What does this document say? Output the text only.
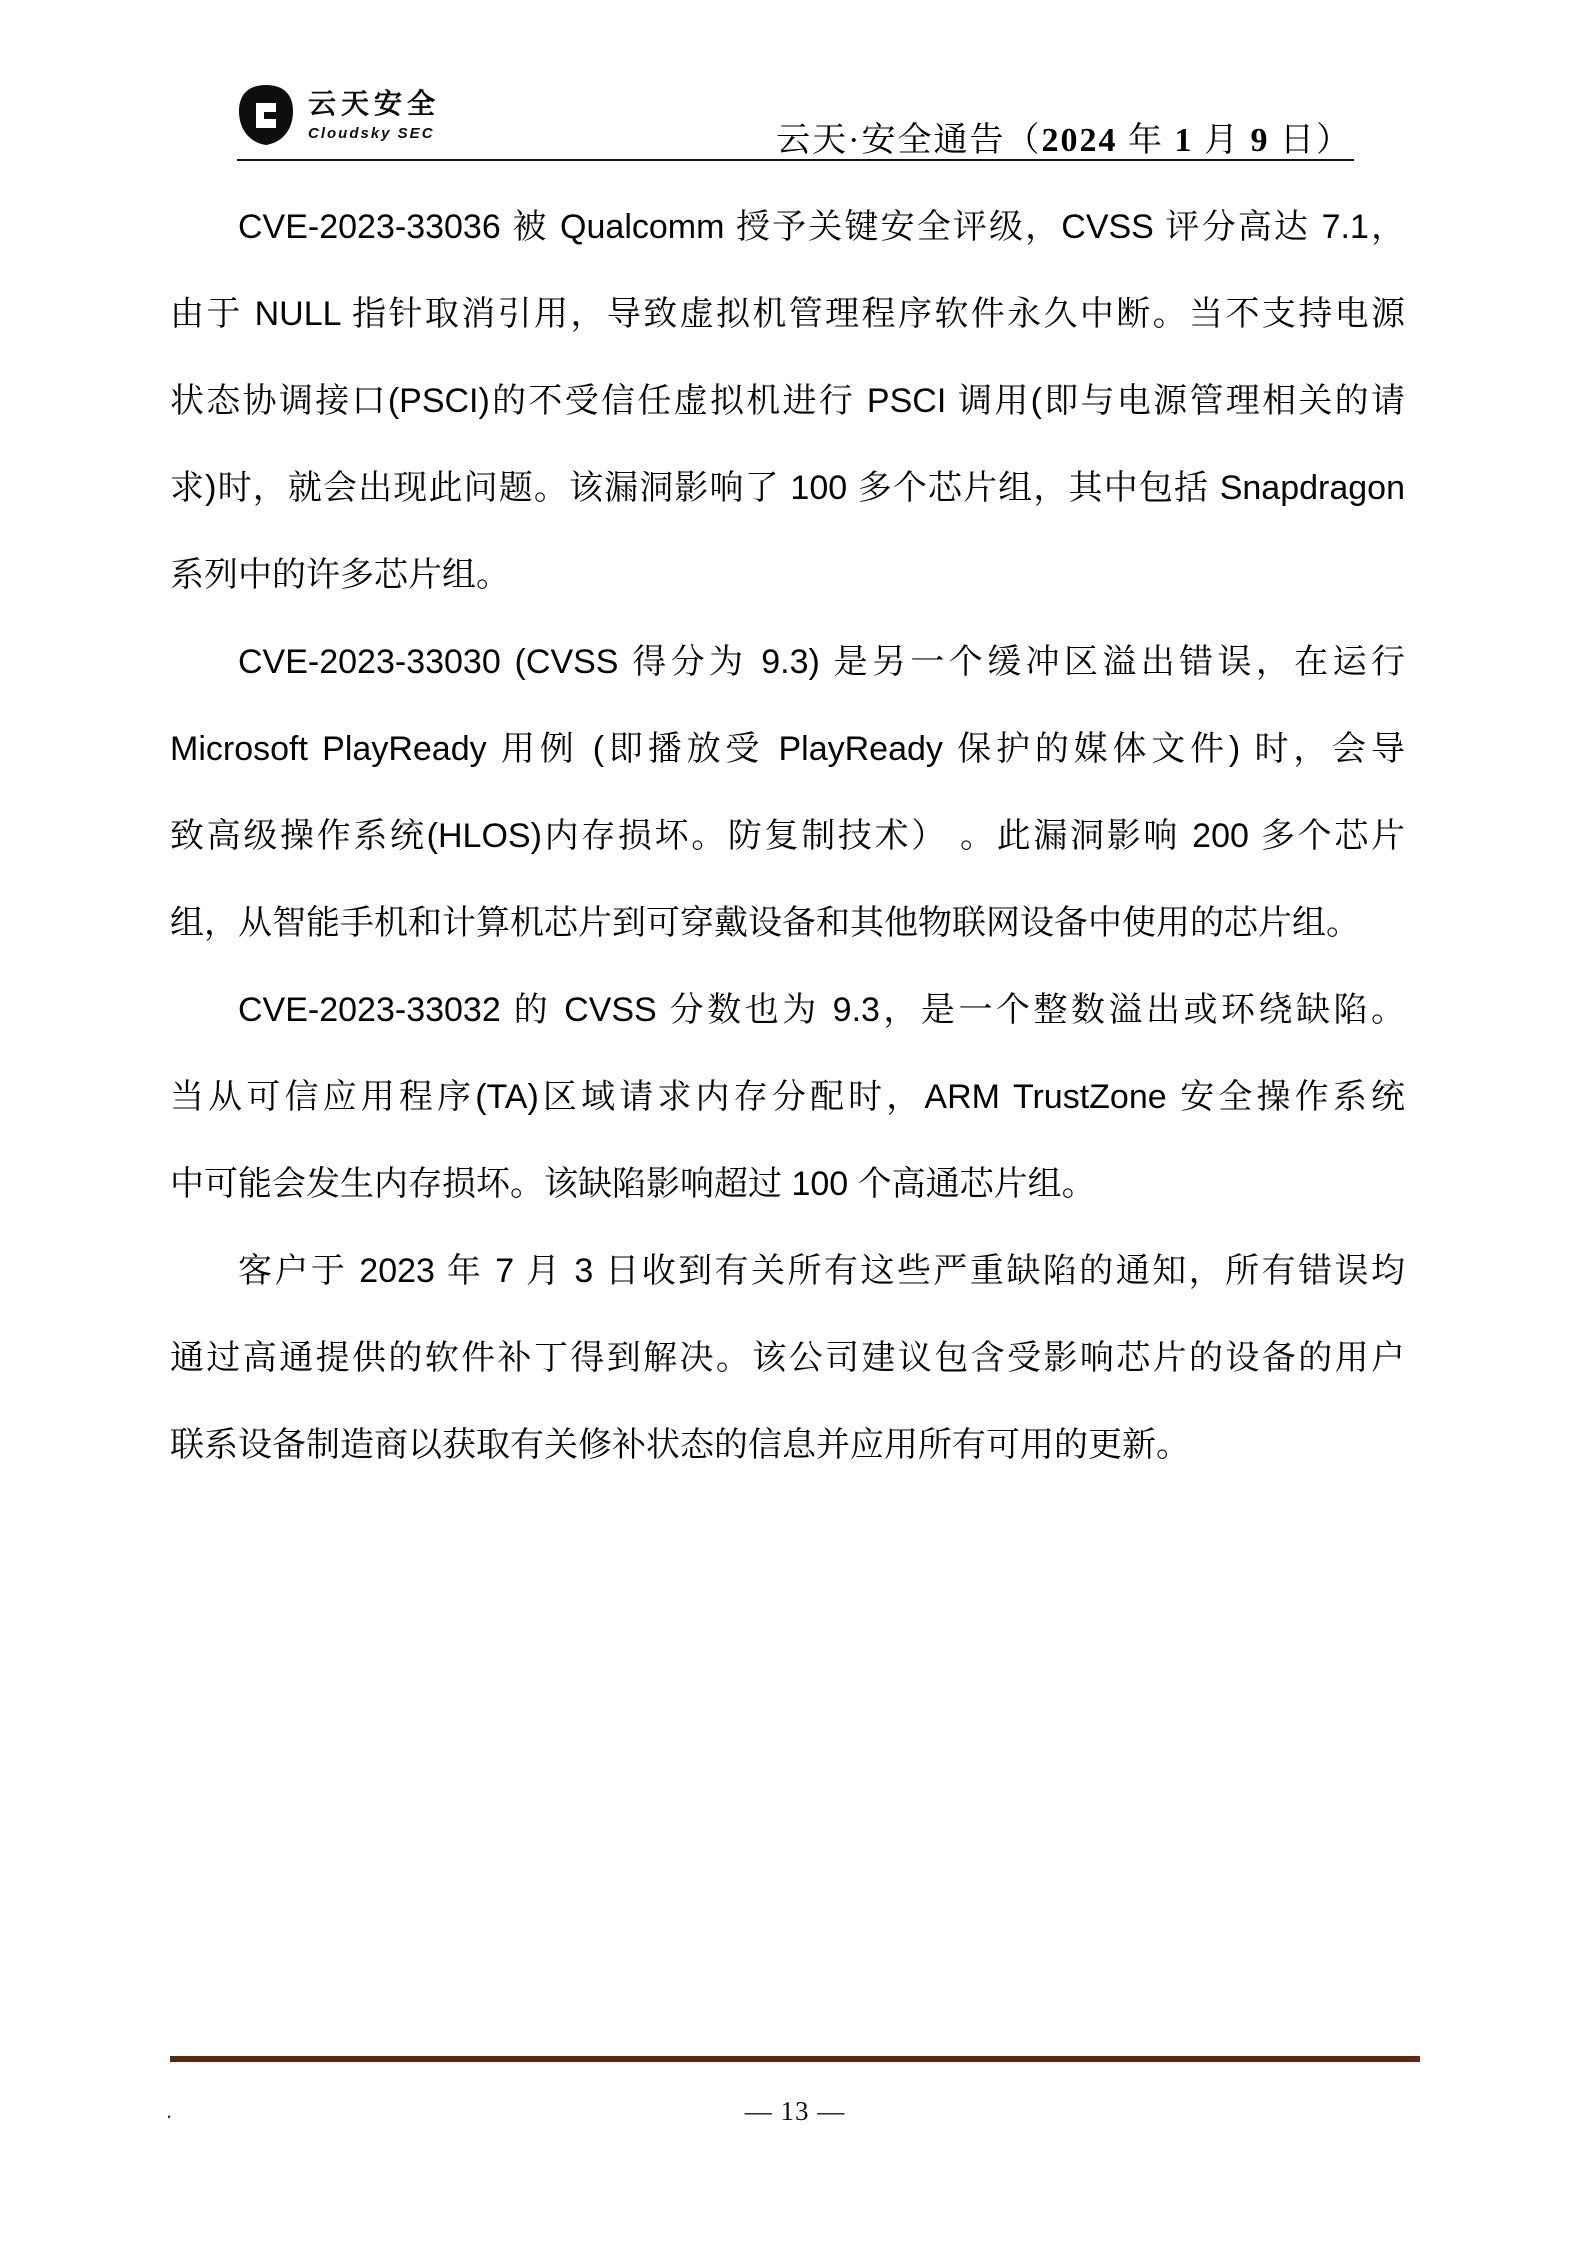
云天安全
Cloudsky SEC	云天·安全通告（2024 年 1 月 9 日）
CVE-2023-33036 被 Qualcomm 授予关键安全评级，CVSS 评分高达 7.1，
由于 NULL 指针取消引用，导致虚拟机管理程序软件永久中断。当不支持电源
状态协调接口(PSCI)的不受信任虚拟机进行 PSCI 调用(即与电源管理相关的请
求)时，就会出现此问题。该漏洞影响了 100 多个芯片组，其中包括 Snapdragon
系列中的许多芯片组。
CVE-2023-33030 (CVSS 得分为 9.3) 是另一个缓冲区溢出错误，在运行
Microsoft PlayReady 用例 (即播放受 PlayReady 保护的媒体文件) 时，会导
致高级操作系统(HLOS)内存损坏。防复制技术） 。此漏洞影响 200 多个芯片
组，从智能手机和计算机芯片到可穿戴设备和其他物联网设备中使用的芯片组。
CVE-2023-33032 的 CVSS 分数也为 9.3，是一个整数溢出或环绕缺陷。
当从可信应用程序(TA)区域请求内存分配时，ARM TrustZone 安全操作系统
中可能会发生内存损坏。该缺陷影响超过 100 个高通芯片组。
客户于 2023 年 7 月 3 日收到有关所有这些严重缺陷的通知，所有错误均
通过高通提供的软件补丁得到解决。该公司建议包含受影响芯片的设备的用户
联系设备制造商以获取有关修补状态的信息并应用所有可用的更新。
.	— 13 —
